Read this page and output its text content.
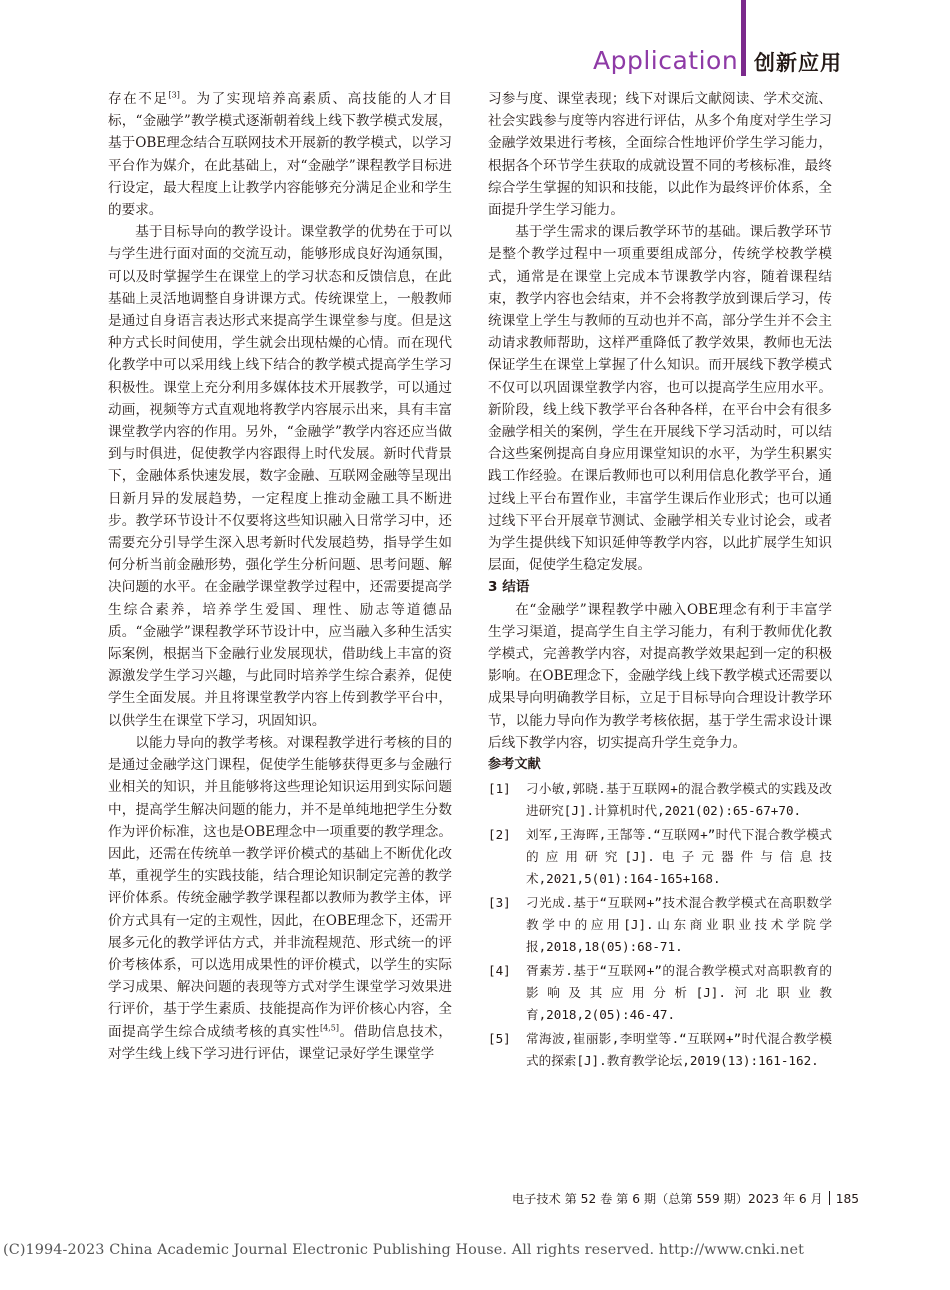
Application 创新应用

存在不足[3]。为了实现培养高素质、高技能的人才目标，“金融学”教学模式逐渐朝着线上线下教学模式发展，基于OBE理念结合互联网技术开展新的教学模式，以学习平台作为媒介，在此基础上，对“金融学”课程教学目标进行设定，最大程度上让教学内容能够充分满足企业和学生的要求。

基于目标导向的教学设计。课堂教学的优势在于可以与学生进行面对面的交流互动，能够形成良好沟通氛围，可以及时掌握学生在课堂上的学习状态和反馈信息，在此基础上灵活地调整自身讲课方式。传统课堂上，一般教师是通过自身语言表达形式来提高学生课堂参与度。但是这种方式长时间使用，学生就会出现枯燥的心情。而在现代化教学中可以采用线上线下结合的教学模式提高学生学习积极性。课堂上充分利用多媒体技术开展教学，可以通过动画，视频等方式直观地将教学内容展示出来，具有丰富课堂教学内容的作用。另外，“金融学”教学内容还应当做到与时俱进，促使教学内容跟得上时代发展。新时代背景下，金融体系快速发展，数字金融、互联网金融等呈现出日新月异的发展趋势，一定程度上推动金融工具不断进步。教学环节设计不仅要将这些知识融入日常学习中，还需要充分引导学生深入思考新时代发展趋势，指导学生如何分析当前金融形势，强化学生分析问题、思考问题、解决问题的水平。在金融学课堂教学过程中，还需要提高学生综合素养，培养学生爱国、理性、励志等道德品质。“金融学”课程教学环节设计中，应当融入多种生活实际案例，根据当下金融行业发展现状，借助线上丰富的资源激发学生学习兴趣，与此同时培养学生综合素养，促使学生全面发展。并且将课堂教学内容上传到教学平台中，以供学生在课堂下学习，巩固知识。

以能力导向的教学考核。对课程教学进行考核的目的是通过金融学这门课程，促使学生能够获得更多与金融行业相关的知识，并且能够将这些理论知识运用到实际问题中，提高学生解决问题的能力，并不是单纯地把学生分数作为评价标准，这也是OBE理念中一项重要的教学理念。因此，还需在传统单一教学评价模式的基础上不断优化改革，重视学生的实践技能，结合理论知识制定完善的教学评价体系。传统金融学教学课程都以教师为教学主体，评价方式具有一定的主观性，因此，在OBE理念下，还需开展多元化的教学评估方式，并非流程规范、形式统一的评价考核体系，可以选用成果性的评价模式，以学生的实际学习成果、解决问题的表现等方式对学生课堂学习效果进行评价，基于学生素质、技能提高作为评价核心内容，全面提高学生综合成绩考核的真实性[4,5]。借助信息技术，对学生线上线下学习进行评估，课堂记录好学生课堂学

习参与度、课堂表现；线下对课后文献阅读、学术交流、社会实践参与度等内容进行评估，从多个角度对学生学习金融学效果进行考核，全面综合性地评价学生学习能力，根据各个环节学生获取的成就设置不同的考核标准，最终综合学生掌握的知识和技能，以此作为最终评价体系，全面提升学生学习能力。

基于学生需求的课后教学环节的基础。课后教学环节是整个教学过程中一项重要组成部分，传统学校教学模式，通常是在课堂上完成本节课教学内容，随着课程结束，教学内容也会结束，并不会将教学放到课后学习，传统课堂上学生与教师的互动也并不高，部分学生并不会主动请求教师帮助，这样严重降低了教学效果，教师也无法保证学生在课堂上掌握了什么知识。而开展线下教学模式不仅可以巩固课堂教学内容，也可以提高学生应用水平。新阶段，线上线下教学平台各种各样，在平台中会有很多金融学相关的案例，学生在开展线下学习活动时，可以结合这些案例提高自身应用课堂知识的水平，为学生积累实践工作经验。在课后教师也可以利用信息化教学平台，通过线上平台布置作业，丰富学生课后作业形式；也可以通过线下平台开展章节测试、金融学相关专业讨论会，或者为学生提供线下知识延伸等教学内容，以此扩展学生知识层面，促使学生稳定发展。

3 结语

在“金融学”课程教学中融入OBE理念有利于丰富学生学习渠道，提高学生自主学习能力，有利于教师优化教学模式，完善教学内容，对提高教学效果起到一定的积极影响。在OBE理念下，金融学线上线下教学模式还需要以成果导向明确教学目标，立足于目标导向合理设计教学环节，以能力导向作为教学考核依据，基于学生需求设计课后线下教学内容，切实提高升学生竞争力。

参考文献

[1]	刁小敏,郭晓.基于互联网+的混合教学模式的实践及改进研究[J].计算机时代,2021(02):65-67+70.
[2]	刘军,王海晖,王郜等.“互联网+”时代下混合教学模式的应用研究[J].电子元器件与信息技术,2021,5(01):164-165+168.
[3]	刁光成.基于“互联网+”技术混合教学模式在高职数学教学中的应用[J].山东商业职业技术学院学报,2018,18(05):68-71.
[4]	胥素芳.基于“互联网+”的混合教学模式对高职教育的影响及其应用分析[J].河北职业教育,2018,2(05):46-47.
[5]	常海波,崔丽影,李明堂等.“互联网+”时代混合教学模式的探索[J].教育教学论坛,2019(13):161-162.
电子技术 第 52 卷 第 6 期（总第 559 期）2023 年 6 月 185
(C)1994-2023 China Academic Journal Electronic Publishing House. All rights reserved. http://www.cnki.net
